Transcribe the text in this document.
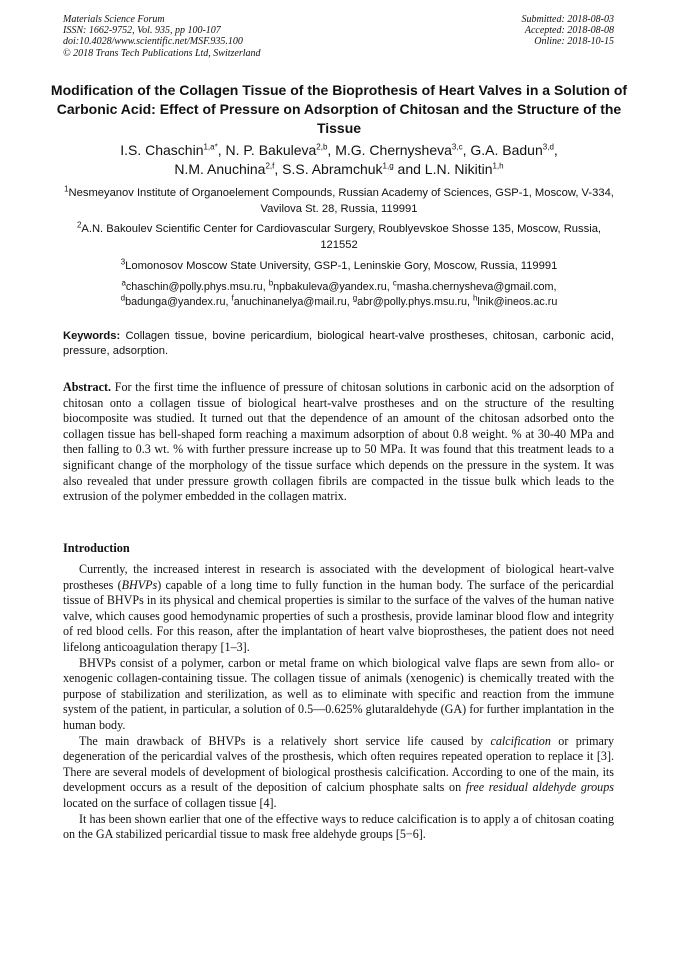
Materials Science Forum
ISSN: 1662-9752, Vol. 935, pp 100-107
doi:10.4028/www.scientific.net/MSF.935.100
© 2018 Trans Tech Publications Ltd, Switzerland
Submitted: 2018-08-03
Accepted: 2018-08-08
Online: 2018-10-15
Modification of the Collagen Tissue of the Bioprothesis of Heart Valves in a Solution of Carbonic Acid: Effect of Pressure on Adsorption of Chitosan and the Structure of the Tissue
I.S. Chaschin$^{1,a*}$, N. P. Bakuleva$^{2,b}$, M.G. Chernysheva$^{3,c}$, G.A. Badun$^{3,d}$,
N.M. Anuchina$^{2,f}$, S.S. Abramchuk$^{1,g}$ and L.N. Nikitin$^{1,h}$
$^1$Nesmeyanov Institute of Organoelement Compounds, Russian Academy of Sciences, GSP-1, Moscow, V-334, Vavilova St. 28, Russia, 119991
$^2$A.N. Bakoulev Scientific Center for Cardiovascular Surgery, Roublyevskoe Shosse 135, Moscow, Russia, 121552
$^3$Lomonosov Moscow State University, GSP-1, Leninskie Gory, Moscow, Russia, 119991
$^a$chaschin@polly.phys.msu.ru, $^b$npbakuleva@yandex.ru, $^c$masha.chernysheva@gmail.com,
$^d$badunga@yandex.ru, $^f$anuchinanelya@mail.ru, $^g$abr@polly.phys.msu.ru, $^h$lnik@ineos.ac.ru
Keywords: Collagen tissue, bovine pericardium, biological heart-valve prostheses, chitosan, carbonic acid, pressure, adsorption.
Abstract. For the first time the influence of pressure of chitosan solutions in carbonic acid on the adsorption of chitosan onto a collagen tissue of biological heart-valve prostheses and on the structure of the resulting biocomposite was studied. It turned out that the dependence of an amount of the chitosan adsorbed onto the collagen tissue has bell-shaped form reaching a maximum adsorption of about 0.8 weight. % at 30-40 MPa and then falling to 0.3 wt. % with further pressure increase up to 50 MPa. It was found that this treatment leads to a significant change of the morphology of the tissue surface which depends on the pressure in the system. It was also revealed that under pressure growth collagen fibrils are compacted in the tissue bulk which leads to the extrusion of the polymer embedded in the collagen matrix.
Introduction

Currently, the increased interest in research is associated with the development of biological heart-valve prostheses (BHVPs) capable of a long time to fully function in the human body. The surface of the pericardial tissue of BHVPs in its physical and chemical properties is similar to the surface of the valves of the human native valve, which causes good hemodynamic properties of such a prosthesis, provide laminar blood flow and integrity of red blood cells. For this reason, after the implantation of heart valve bioprostheses, the patient does not need lifelong anticoagulation therapy [1–3].

BHVPs consist of a polymer, carbon or metal frame on which biological valve flaps are sewn from allo- or xenogenic collagen-containing tissue. The collagen tissue of animals (xenogenic) is chemically treated with the purpose of stabilization and sterilization, as well as to eliminate with specific and reaction from the immune system of the patient, in particular, a solution of 0.5—0.625% glutaraldehyde (GA) for further implantation in the human body.

The main drawback of BHVPs is a relatively short service life caused by calcification or primary degeneration of the pericardial valves of the prosthesis, which often requires repeated operation to replace it [3]. There are several models of development of biological prosthesis calcification. According to one of the main, its development occurs as a result of the deposition of calcium phosphate salts on free residual aldehyde groups located on the surface of collagen tissue [4].

It has been shown earlier that one of the effective ways to reduce calcification is to apply a of chitosan coating on the GA stabilized pericardial tissue to mask free aldehyde groups [5−6].
